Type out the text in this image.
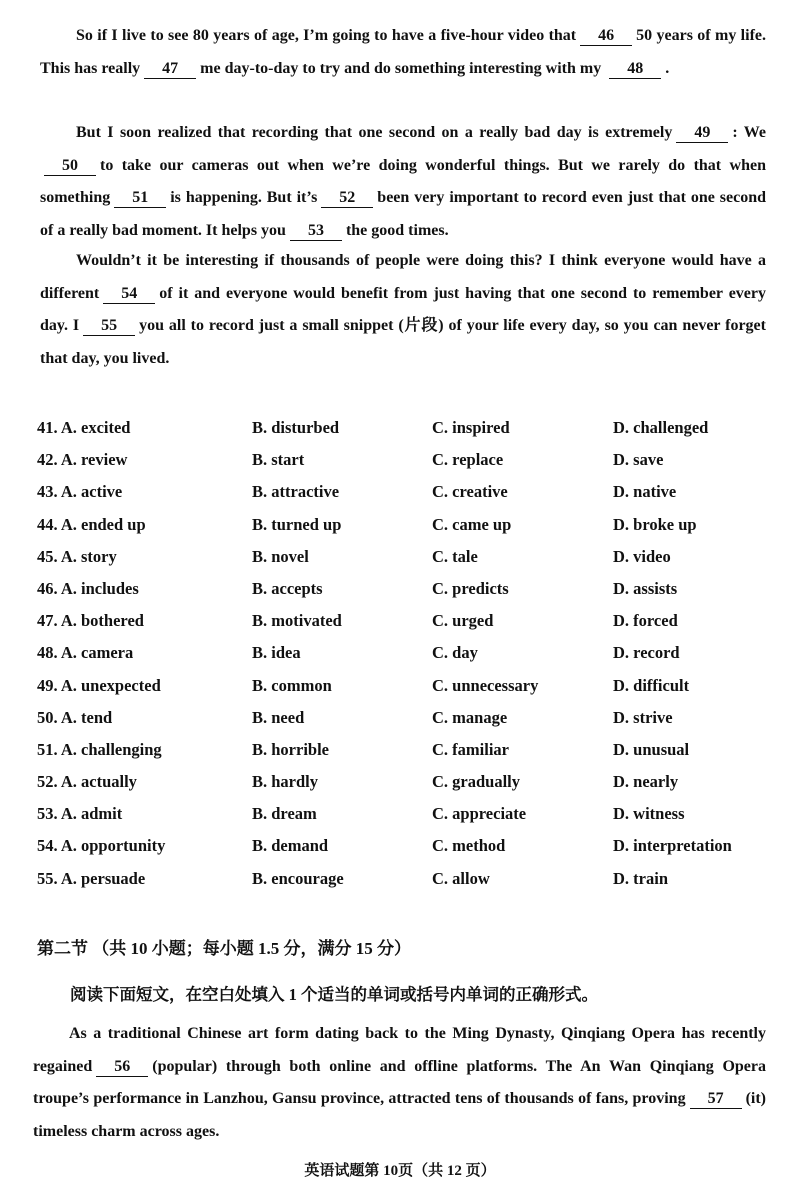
So if I live to see 80 years of age, I’m going to have a five-hour video that 46 50 years of my life. This has really 47 me day-to-day to try and do something interesting with my 48 .

But I soon realized that recording that one second on a really bad day is extremely 49 : We50 to take our cameras out when we’re doing wonderful things. But we rarely do that when something 51 is happening. But it’s 52 been very important to record even just that one second of a really bad moment. It helps you 53 the good times.

Wouldn’t it be interesting if thousands of people were doing this? I think everyone would have a different 54 of it and everyone would benefit from just having that one second to remember every day. I 55 you all to record just a small snippet (片段) of your life every day, so you can never forget that day, you lived.

41. A. excited	B. disturbed	C. inspired	D. challenged
42. A. review	B. start	C. replace	D. save
43. A. active	B. attractive	C. creative	D. native
44. A. ended up	B. turned up	C. came up	D. broke up
45. A. story	B. novel	C. tale	D. video
46. A. includes	B. accepts	C. predicts	D. assists
47. A. bothered	B. motivated	C. urged	D. forced
48. A. camera	B. idea	C. day	D. record
49. A. unexpected	B. common	C. unnecessary	D. difficult
50. A. tend	B. need	C. manage	D. strive
51. A. challenging	B. horrible	C. familiar	D. unusual
52. A. actually	B. hardly	C. gradually	D. nearly
53. A. admit	B. dream	C. appreciate	D. witness
54. A. opportunity	B. demand	C. method	D. interpretation
55. A. persuade	B. encourage	C. allow	D. train
第二节 （共 10 小题；每小题 1.5 分，满分 15 分）
阅读下面短文，在空白处填入 1 个适当的单词或括号内单词的正确形式。

As a traditional Chinese art form dating back to the Ming Dynasty, Qinqiang Opera has recently regained 56 (popular) through both online and offline platforms. The An Wan Qinqiang Opera troupe’s performance in Lanzhou, Gansu province, attracted tens of thousands of fans, proving 57 (it) timeless charm across ages.

英语试题第 10页（共 12 页）
